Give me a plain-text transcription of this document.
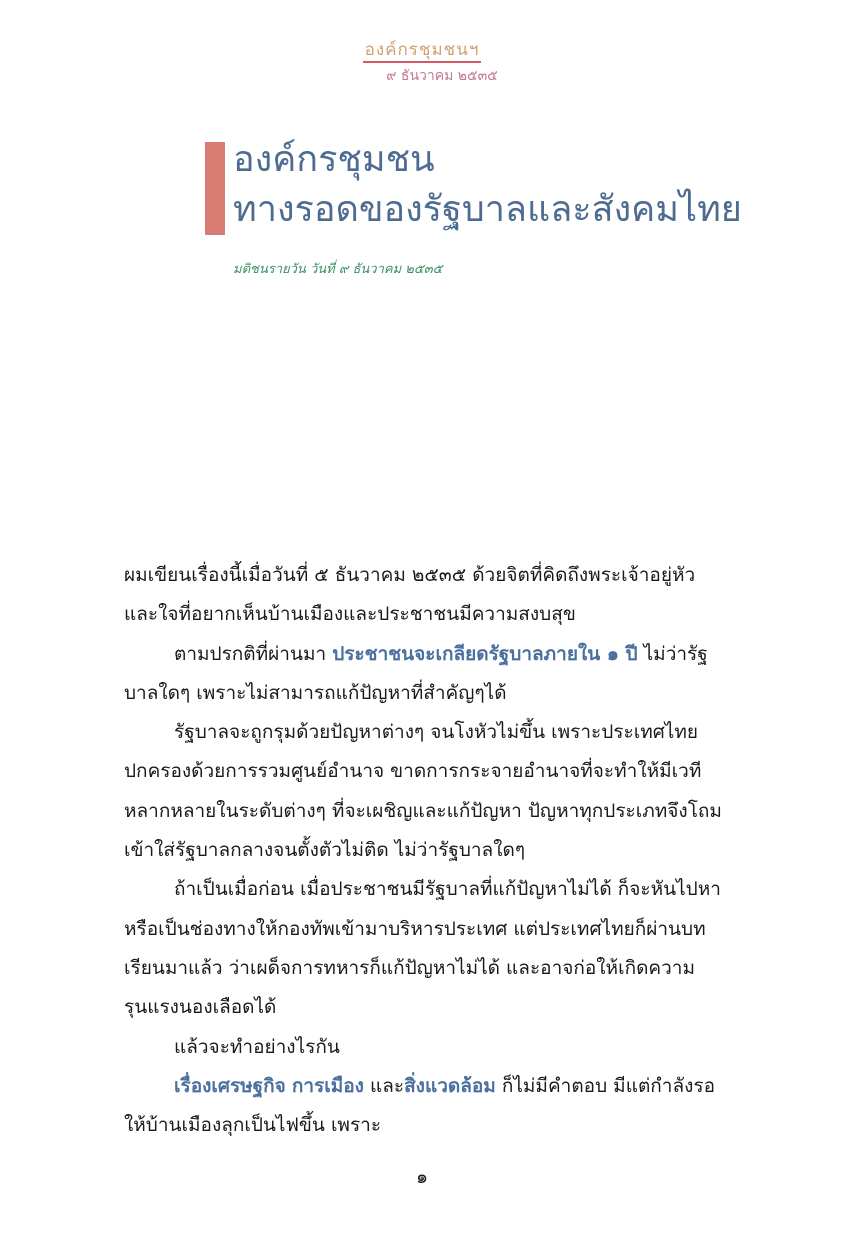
องค์กรชุมชนฯ
๙ ธันวาคม ๒๕๓๕
องค์กรชุมชน
ทางรอดของรัฐบาลและสังคมไทย
มติชนรายวัน วันที่ ๙ ธันวาคม ๒๕๓๕

ผมเขียนเรื่องนี้เมื่อวันที่ ๕ ธันวาคม ๒๕๓๕ ด้วยจิตที่คิดถึงพระเจ้าอยู่หัว และใจที่อยากเห็นบ้านเมืองและประชาชนมีความสงบสุข

ตามปรกติที่ผ่านมา ประชาชนจะเกลียดรัฐบาลภายใน ๑ ปี ไม่ว่ารัฐบาลใดๆ เพราะไม่สามารถแก้ปัญหาที่สำคัญๆได้

รัฐบาลจะถูกรุมด้วยปัญหาต่างๆ จนโงหัวไม่ขึ้น เพราะประเทศไทยปกครองด้วยการรวมศูนย์อำนาจ ขาดการกระจายอำนาจที่จะทำให้มีเวทีหลากหลายในระดับต่างๆ ที่จะเผชิญและแก้ปัญหา ปัญหาทุกประเภทจึงโถมเข้าใส่รัฐบาลกลางจนตั้งตัวไม่ติด ไม่ว่ารัฐบาลใดๆ

ถ้าเป็นเมื่อก่อน เมื่อประชาชนมีรัฐบาลที่แก้ปัญหาไม่ได้ ก็จะหันไปหาหรือเป็นช่องทางให้กองทัพเข้ามาบริหารประเทศ แต่ประเทศไทยก็ผ่านบทเรียนมาแล้ว ว่าเผด็จการทหารก็แก้ปัญหาไม่ได้ และอาจก่อให้เกิดความรุนแรงนองเลือดได้

แล้วจะทำอย่างไรกัน

เรื่องเศรษฐกิจ การเมือง และสิ่งแวดล้อม ก็ไม่มีคำตอบ มีแต่กำลังรอให้บ้านเมืองลุกเป็นไฟขึ้น เพราะ

๑
